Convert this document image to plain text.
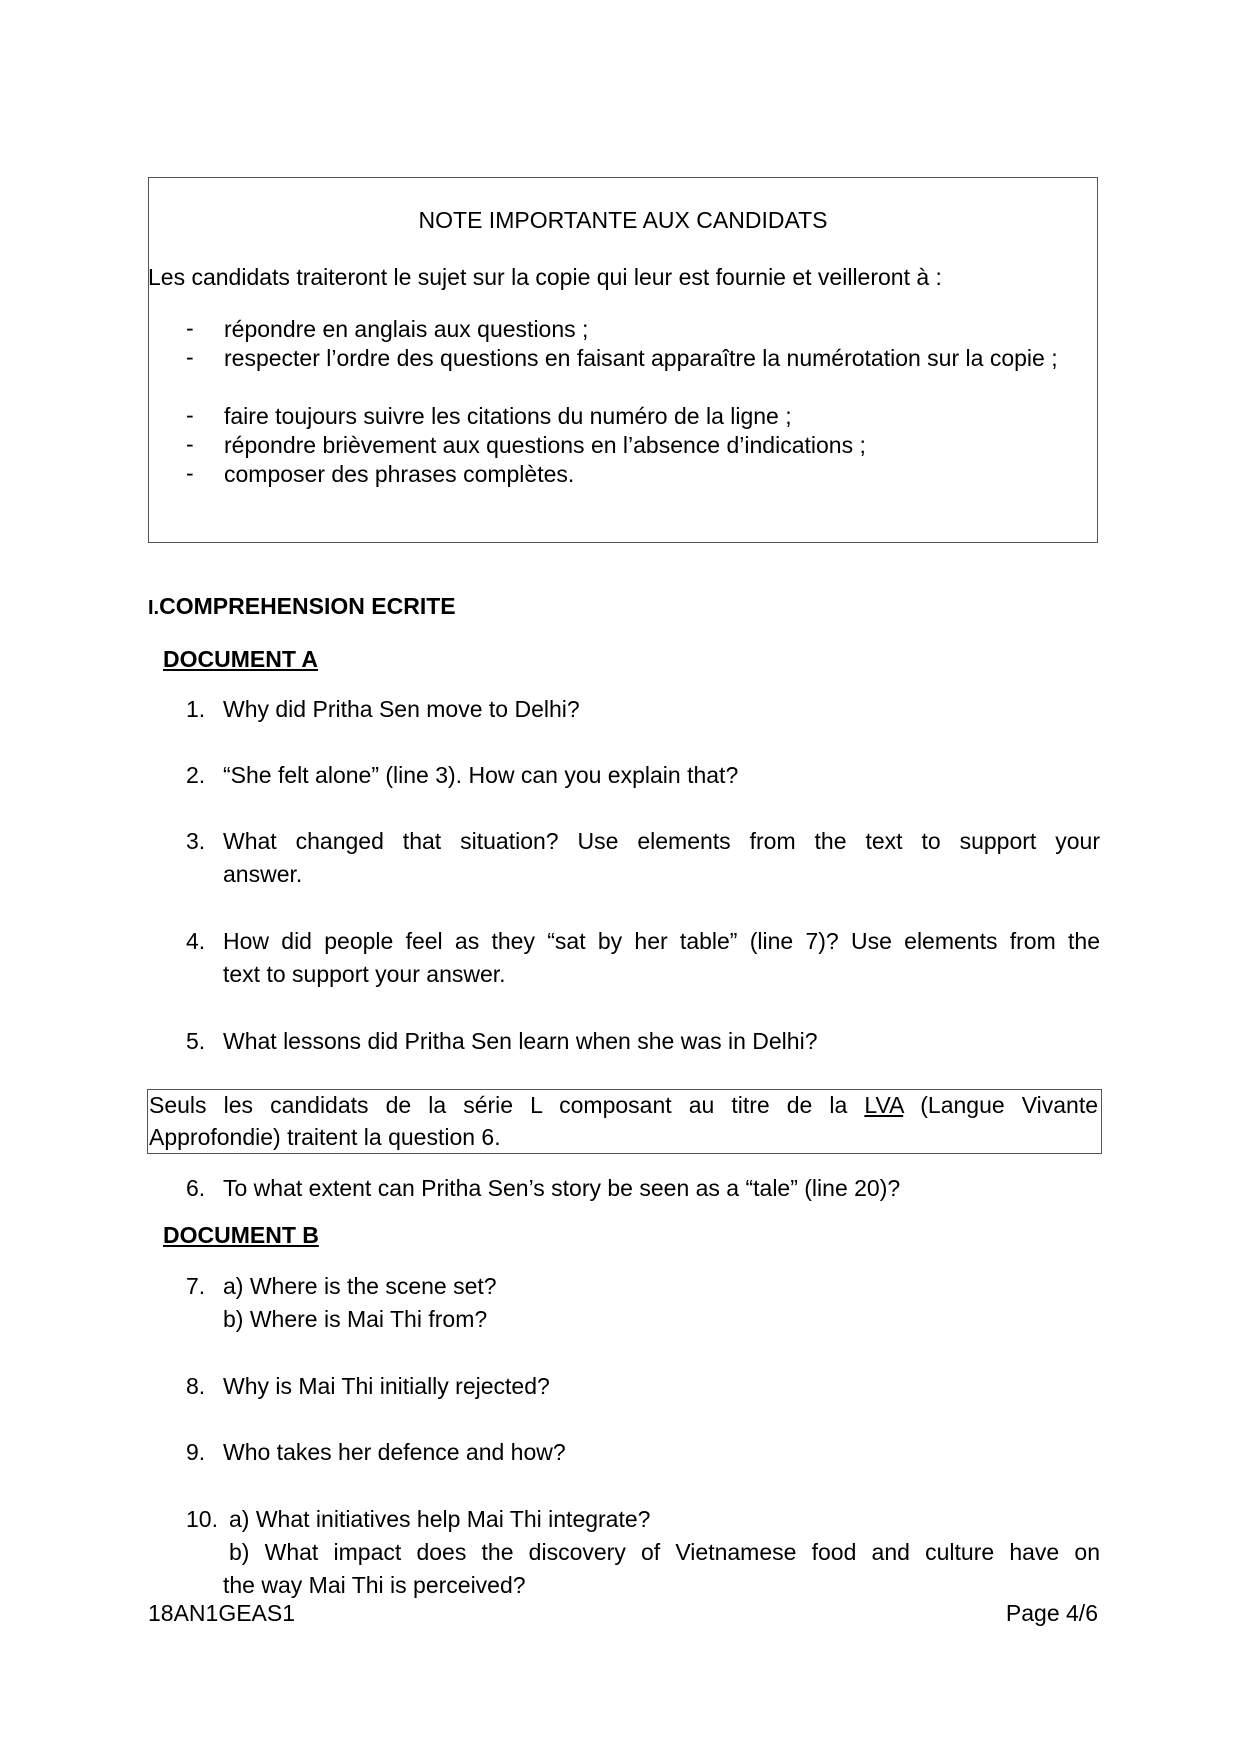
NOTE IMPORTANTE AUX CANDIDATS
Les candidats traiteront le sujet sur la copie qui leur est fournie et veilleront à :
- répondre en anglais aux questions ;
- respecter l’ordre des questions en faisant apparaître la numérotation sur la copie ;
- faire toujours suivre les citations du numéro de la ligne ;
- répondre brièvement aux questions en l’absence d’indications ;
- composer des phrases complètes.
I.COMPREHENSION ECRITE
DOCUMENT A
1. Why did Pritha Sen move to Delhi?
2. “She felt alone” (line 3). How can you explain that?
3. What changed that situation? Use elements from the text to support your
answer.
4. How did people feel as they “sat by her table” (line 7)? Use elements from the
text to support your answer.
5. What lessons did Pritha Sen learn when she was in Delhi?
Seuls les candidats de la série L composant au titre de la LVA (Langue Vivante
Approfondie) traitent la question 6.
6. To what extent can Pritha Sen’s story be seen as a “tale” (line 20)?
DOCUMENT B
7. a) Where is the scene set?
b) Where is Mai Thi from?
8. Why is Mai Thi initially rejected?
9. Who takes her defence and how?
10. a) What initiatives help Mai Thi integrate?
b) What impact does the discovery of Vietnamese food and culture have on
the way Mai Thi is perceived?
18AN1GEAS1	Page 4/6
